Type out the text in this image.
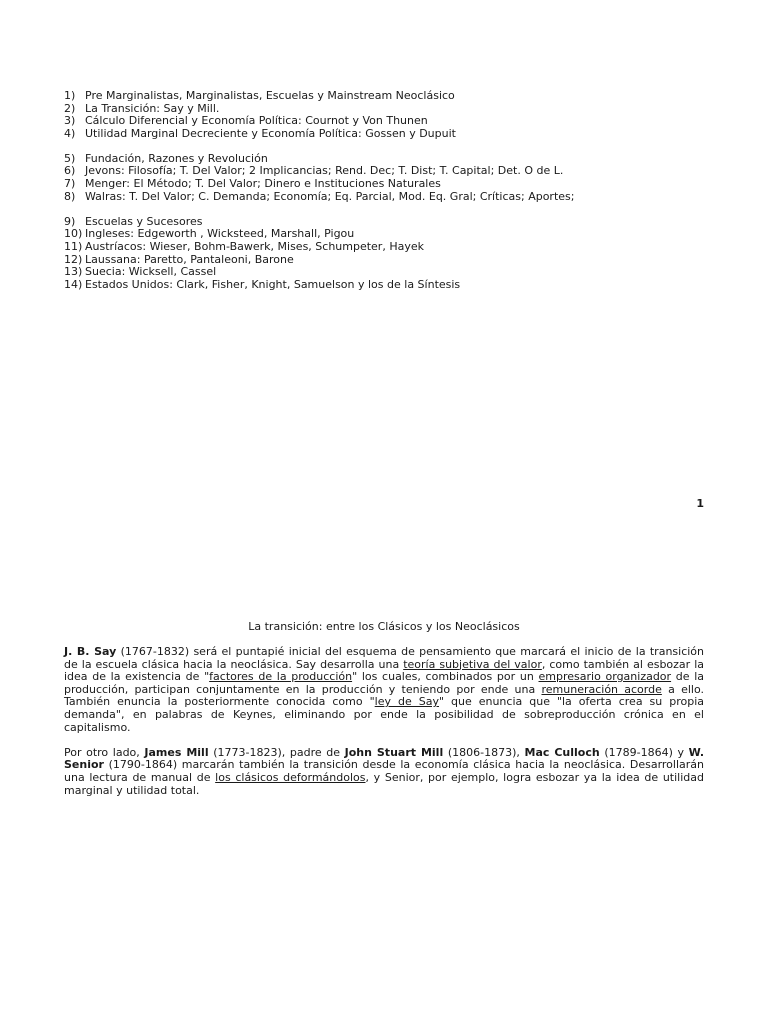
1) Pre Marginalistas, Marginalistas, Escuelas y Mainstream Neoclásico
2) La Transición: Say y Mill.
3) Cálculo Diferencial y Economía Política: Cournot y Von Thunen
4) Utilidad Marginal Decreciente y Economía Política: Gossen y Dupuit
5) Fundación, Razones y Revolución
6) Jevons: Filosofía; T. Del Valor; 2 Implicancias; Rend. Dec; T. Dist; T. Capital; Det. O de L.
7) Menger: El Método; T. Del Valor; Dinero e Instituciones Naturales
8) Walras: T. Del Valor; C. Demanda; Economía; Eq. Parcial, Mod. Eq. Gral; Críticas; Aportes;
9) Escuelas y Sucesores
10) Ingleses: Edgeworth , Wicksteed, Marshall, Pigou
11) Austríacos: Wieser, Bohm-Bawerk, Mises, Schumpeter, Hayek
12) Laussana: Paretto, Pantaleoni, Barone
13) Suecia: Wicksell, Cassel
14) Estados Unidos: Clark, Fisher, Knight, Samuelson y los de la Síntesis
1
La transición: entre los Clásicos y los Neoclásicos

J. B. Say (1767-1832) será el puntapié inicial del esquema de pensamiento que marcará el inicio de la transición de la escuela clásica hacia la neoclásica. Say desarrolla una teoría subjetiva del valor, como también al esbozar la idea de la existencia de "factores de la producción" los cuales, combinados por un empresario organizador de la producción, participan conjuntamente en la producción y teniendo por ende una remuneración acorde a ello. También enuncia la posteriormente conocida como "ley de Say" que enuncia que "la oferta crea su propia demanda", en palabras de Keynes, eliminando por ende la posibilidad de sobreproducción crónica en el capitalismo.

Por otro lado, James Mill (1773-1823), padre de John Stuart Mill (1806-1873), Mac Culloch (1789-1864) y W. Senior (1790-1864) marcarán también la transición desde la economía clásica hacia la neoclásica. Desarrollarán una lectura de manual de los clásicos deformándolos, y Senior, por ejemplo, logra esbozar ya la idea de utilidad marginal y utilidad total.
